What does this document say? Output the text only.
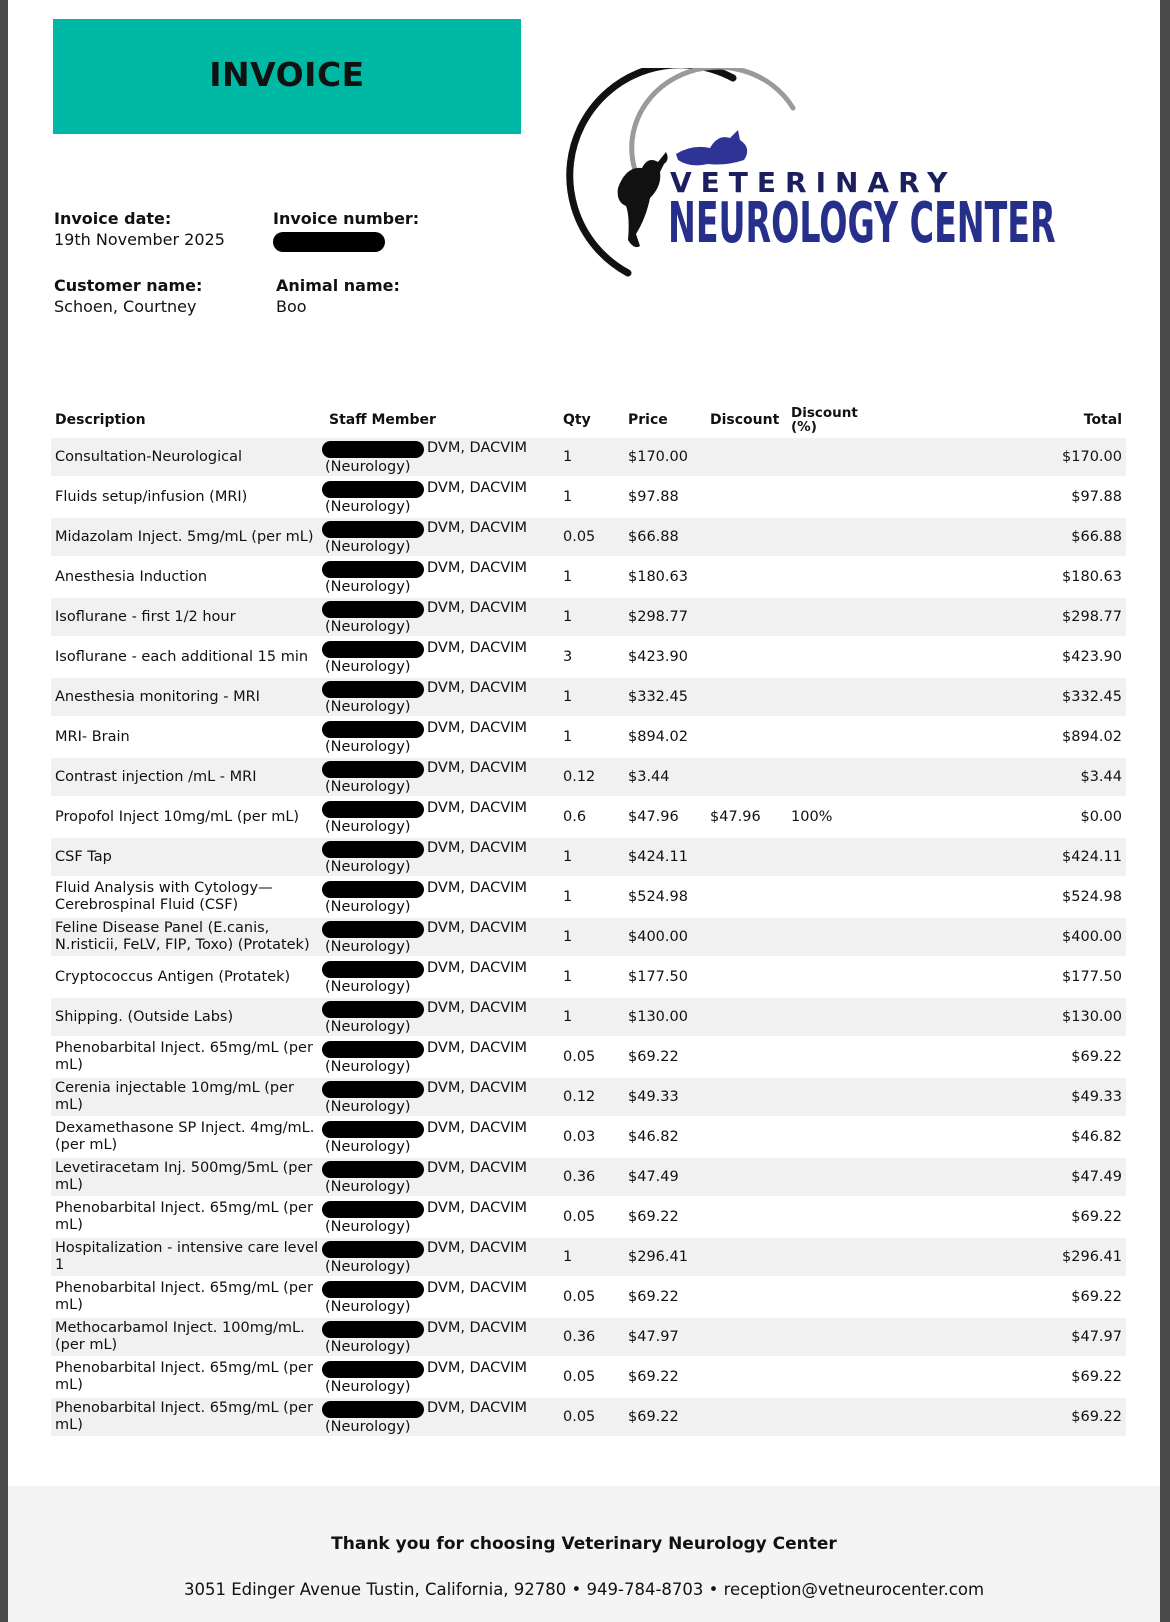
INVOICE
Invoice date:
19th November 2025
Invoice number:
Customer name:
Schoen, Courtney
Animal name:
Boo
VETERINARY
NEUROLOGY CENTER
Description	Staff Member	Qty	Price	Discount	Discount (%)	Total
Consultation-Neurological	DVM, DACVIM
(Neurology)	1	$170.00			$170.00
Fluids setup/infusion (MRI)	DVM, DACVIM
(Neurology)	1	$97.88			$97.88
Midazolam Inject. 5mg/mL (per mL)	DVM, DACVIM
(Neurology)	0.05	$66.88			$66.88
Anesthesia Induction	DVM, DACVIM
(Neurology)	1	$180.63			$180.63
Isoflurane - first 1/2 hour	DVM, DACVIM
(Neurology)	1	$298.77			$298.77
Isoflurane - each additional 15 min	DVM, DACVIM
(Neurology)	3	$423.90			$423.90
Anesthesia monitoring - MRI	DVM, DACVIM
(Neurology)	1	$332.45			$332.45
MRI- Brain	DVM, DACVIM
(Neurology)	1	$894.02			$894.02
Contrast injection /mL - MRI	DVM, DACVIM
(Neurology)	0.12	$3.44			$3.44
Propofol Inject 10mg/mL (per mL)	DVM, DACVIM
(Neurology)	0.6	$47.96	$47.96	100%	$0.00
CSF Tap	DVM, DACVIM
(Neurology)	1	$424.11			$424.11
Fluid Analysis with Cytology—Cerebrospinal Fluid (CSF)	DVM, DACVIM
(Neurology)	1	$524.98			$524.98
Feline Disease Panel (E.canis, N.risticii, FeLV, FIP, Toxo) (Protatek)	DVM, DACVIM
(Neurology)	1	$400.00			$400.00
Cryptococcus Antigen (Protatek)	DVM, DACVIM
(Neurology)	1	$177.50			$177.50
Shipping. (Outside Labs)	DVM, DACVIM
(Neurology)	1	$130.00			$130.00
Phenobarbital Inject. 65mg/mL (per mL)	DVM, DACVIM
(Neurology)	0.05	$69.22			$69.22
Cerenia injectable 10mg/mL (per mL)	DVM, DACVIM
(Neurology)	0.12	$49.33			$49.33
Dexamethasone SP Inject. 4mg/mL. (per mL)	DVM, DACVIM
(Neurology)	0.03	$46.82			$46.82
Levetiracetam Inj. 500mg/5mL (per mL)	DVM, DACVIM
(Neurology)	0.36	$47.49			$47.49
Phenobarbital Inject. 65mg/mL (per mL)	DVM, DACVIM
(Neurology)	0.05	$69.22			$69.22
Hospitalization - intensive care level 1	DVM, DACVIM
(Neurology)	1	$296.41			$296.41
Phenobarbital Inject. 65mg/mL (per mL)	DVM, DACVIM
(Neurology)	0.05	$69.22			$69.22
Methocarbamol Inject. 100mg/mL. (per mL)	DVM, DACVIM
(Neurology)	0.36	$47.97			$47.97
Phenobarbital Inject. 65mg/mL (per mL)	DVM, DACVIM
(Neurology)	0.05	$69.22			$69.22
Phenobarbital Inject. 65mg/mL (per mL)	DVM, DACVIM
(Neurology)	0.05	$69.22			$69.22
Thank you for choosing Veterinary Neurology Center
3051 Edinger Avenue Tustin, California, 92780 • 949-784-8703 • reception@vetneurocenter.com
